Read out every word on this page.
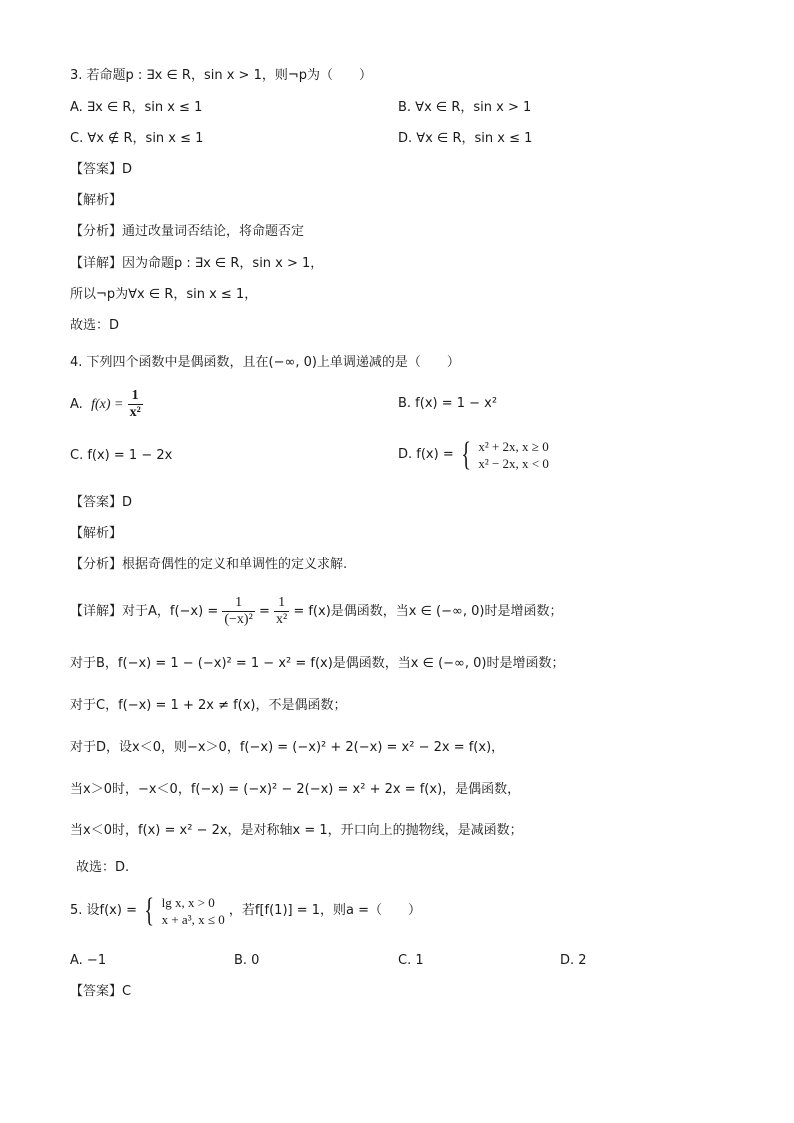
3. 若命题p : ∃x ∈ R，sin x > 1，则¬p为（　　）
A. ∃x ∈ R，sin x ≤ 1	B. ∀x ∈ R，sin x > 1
C. ∀x ∉ R，sin x ≤ 1	D. ∀x ∈ R，sin x ≤ 1
【答案】D
【解析】
【分析】通过改量词否结论，将命题否定
【详解】因为命题p : ∃x ∈ R，sin x > 1，
所以¬p为∀x ∈ R，sin x ≤ 1，
故选：D
4. 下列四个函数中是偶函数，且在(−∞, 0)上单调递减的是（　　）
A. $f(x) = \frac{1}{\text{x²}}$	B. f(x) = 1 − x²
C. f(x) = 1 − 2x	D. f(x) = { x² + 2x, x ≥ 0
x² − 2x, x < 0
【答案】D
【解析】
【分析】根据奇偶性的定义和单调性的定义求解.
【详解】对于A，$f(-x) = \frac{1}{\text{(−x)²}} = \frac{1}{\text{x²}} = f(x)$是偶函数，当x ∈ (−∞, 0)时是增函数；
对于B，f(−x) = 1 − (−x)² = 1 − x² = f(x)是偶函数，当x ∈ (−∞, 0)时是增函数；
对于C，f(−x) = 1 + 2x ≠ f(x)，不是偶函数；
对于D，设x＜0，则−x＞0，f(−x) = (−x)² + 2(−x) = x² − 2x = f(x)，
当x＞0时，−x＜0，f(−x) = (−x)² − 2(−x) = x² + 2x = f(x)，是偶函数，
当x＜0时，f(x) = x² − 2x，是对称轴x = 1，开口向上的抛物线，是减函数；
故选：D.
5. 设f(x) = { lg x, x > 0
x + a³, x ≤ 0
，若f[f(1)] = 1，则a =（　　）
A. −1	B. 0	C. 1	D. 2
【答案】C
